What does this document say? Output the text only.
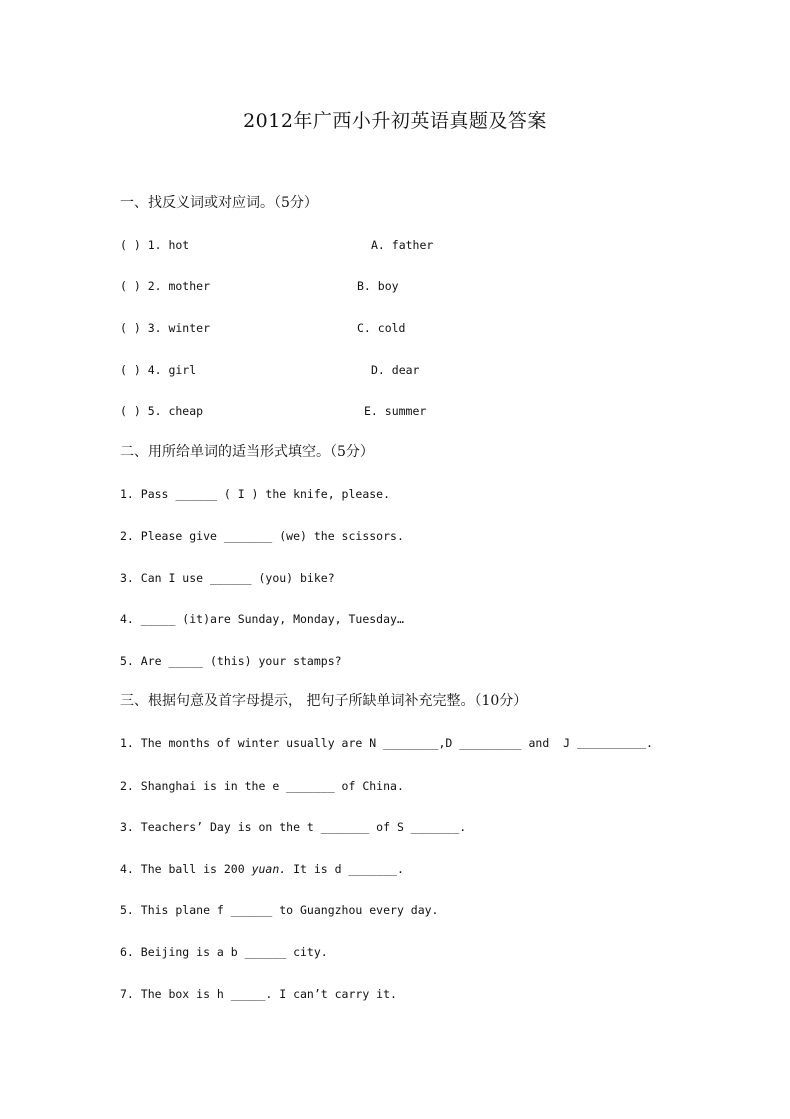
2012年广西小升初英语真题及答案
一、找反义词或对应词。（5分）
( ) 1. hot	A. father
( ) 2. mother	B. boy
( ) 3. winter	C. cold
( ) 4. girl	D. dear
( ) 5. cheap	E. summer
二、用所给单词的适当形式填空。（5分）
1. Pass ______ ( I ) the knife, please.
2. Please give _______ (we) the scissors.
3. Can I use ______ (you) bike?
4. _____ (it)are Sunday, Monday, Tuesday…
5. Are _____ (this) your stamps?
三、根据句意及首字母提示， 把句子所缺单词补充完整。（10分）
1. The months of winter usually are N ________,D _________ and  J ＿＿＿＿＿＿.
2. Shanghai is in the e _______ of China.
3. Teachers’ Day is on the t _______ of S _______.
4. The ball is 200 yuan. It is d _______.
5. This plane f ______ to Guangzhou every day.
6. Beijing is a b ______ city.
7. The box is h _____. I can’t carry it.
